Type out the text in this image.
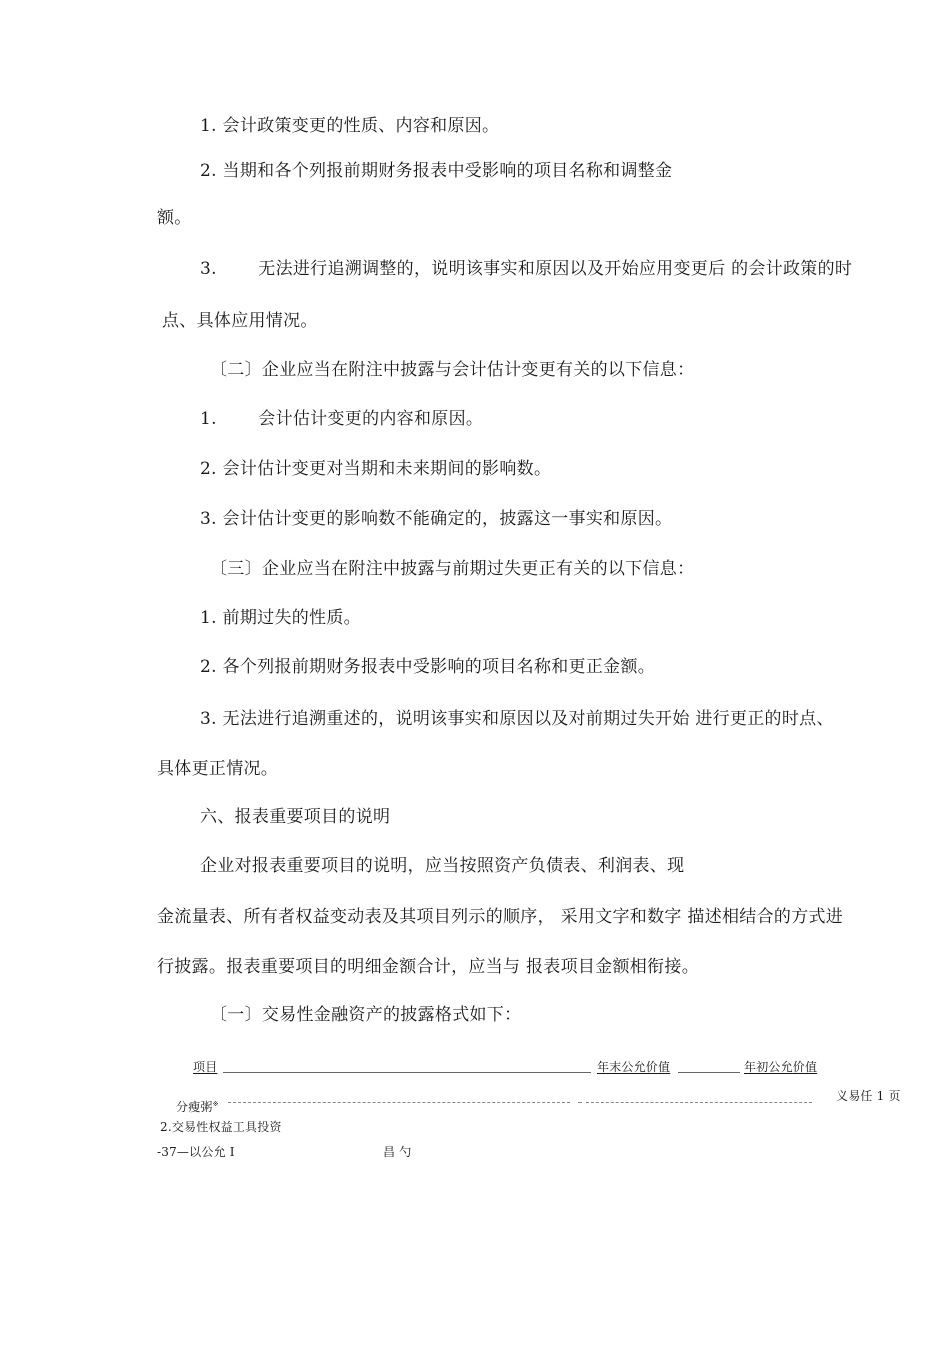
1. 会计政策变更的性质、内容和原因。
2. 当期和各个列报前期财务报表中受影响的项目名称和调整金
额。
3. 无法进行追溯调整的，说明该事实和原因以及开始应用变更后 的会计政策的时
点、具体应用情况。
〔二〕企业应当在附注中披露与会计估计变更有关的以下信息：
1. 会计估计变更的内容和原因。
2. 会计估计变更对当期和未来期间的影响数。
3. 会计估计变更的影响数不能确定的，披露这一事实和原因。
〔三〕企业应当在附注中披露与前期过失更正有关的以下信息：
1. 前期过失的性质。
2. 各个列报前期财务报表中受影响的项目名称和更正金额。
3. 无法进行追溯重述的，说明该事实和原因以及对前期过失开始 进行更正的时点、
具体更正情况。
六、报表重要项目的说明
企业对报表重要项目的说明，应当按照资产负债表、利润表、现
金流量表、所有者权益变动表及其项目列示的顺序， 采用文字和数字 描述相结合的方式进
行披露。报表重要项目的明细金额合计，应当与 报表项目金额相衔接。
〔一〕交易性金融资产的披露格式如下：
项目	年末公允价值	年初公允价值
分瘦粥※
义易任 1 页
2.交易性权益工具投资
-37—以公允 I	昌 勺
